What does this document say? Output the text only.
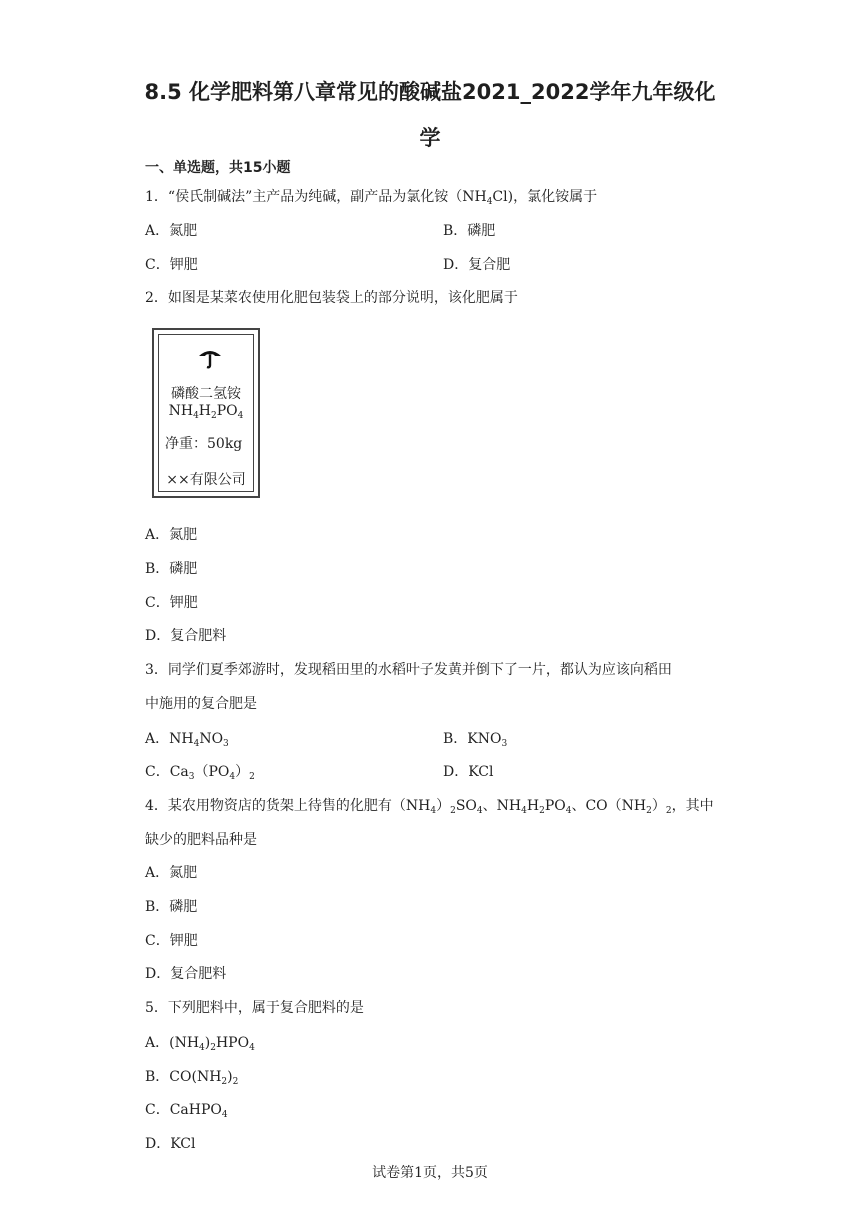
8.5 化学肥料第八章常见的酸碱盐2021_2022学年九年级化
学
一、单选题，共15小题
1．“侯氏制碱法”主产品为纯碱，副产品为氯化铵$(NH_4Cl)$，氯化铵属于
A．氮肥	B．磷肥
C．钾肥	D．复合肥
2．如图是某菜农使用化肥包装袋上的部分说明，该化肥属于
磷酸二氢铵
$NH_4H_2PO_4$
净重：50kg
××有限公司
A．氮肥
B．磷肥
C．钾肥
D．复合肥料
3．同学们夏季郊游时，发现稻田里的水稻叶子发黄并倒下了一片，都认为应该向稻田
中施用的复合肥是
A．$NH_4NO_3$	B．$KNO_3$
C．$Ca_3(PO_4)_2$	D．KCl
4．某农用物资店的货架上待售的化肥有$(NH_4)_2SO_4$、$NH_4H_2PO_4$、$CO(NH_2)_2$，其中
缺少的肥料品种是
A．氮肥
B．磷肥
C．钾肥
D．复合肥料
5．下列肥料中，属于复合肥料的是
A．$(NH_4)_2HPO_4$
B．$CO(NH_2)_2$
C．CaHPO$_4$
D．KCl
试卷第1页，共5页
